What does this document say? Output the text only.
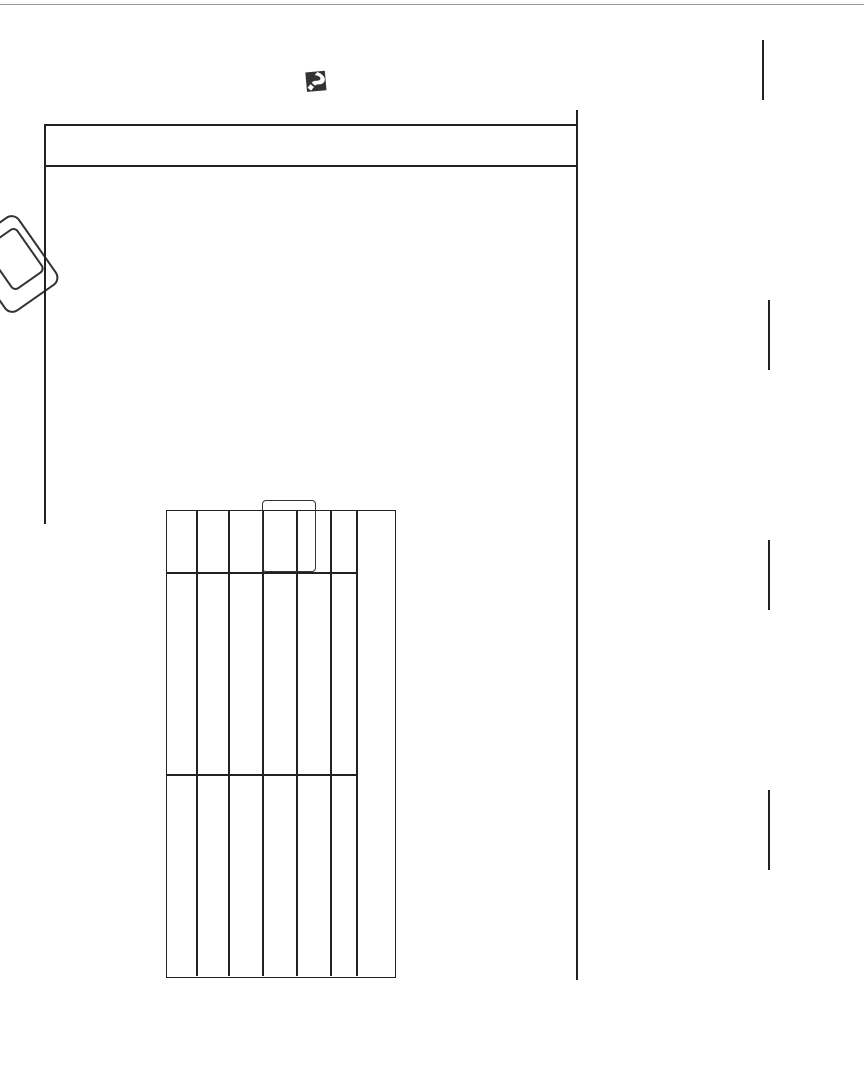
�
